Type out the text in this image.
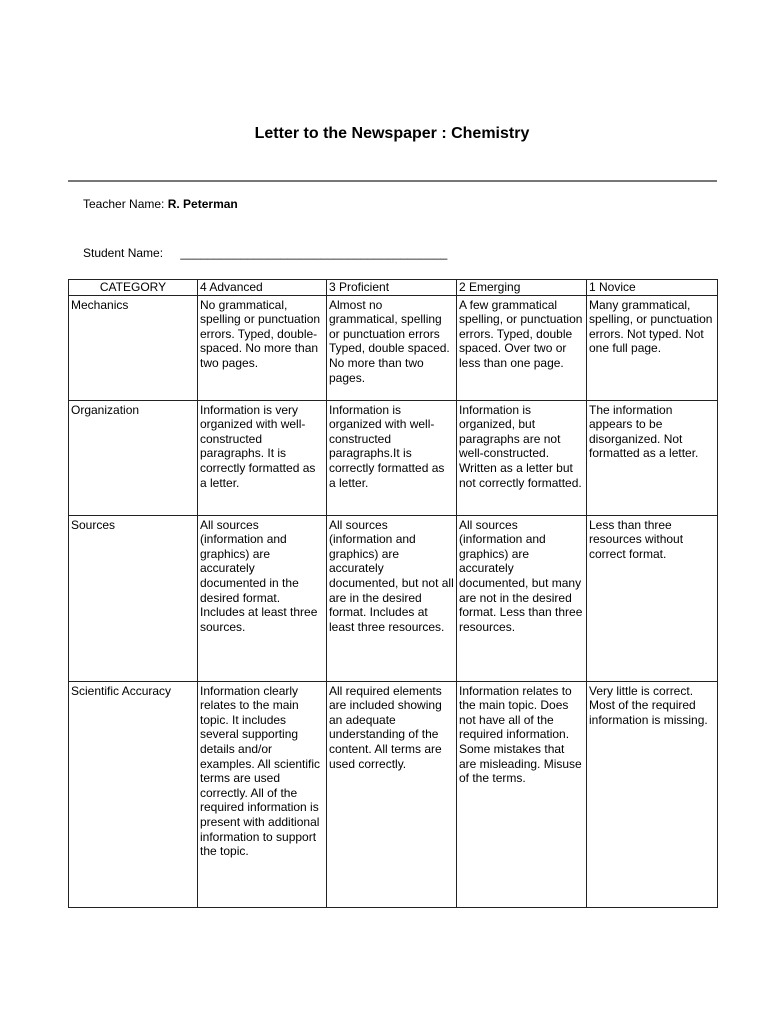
Letter to the Newspaper : Chemistry
Teacher Name: R. Peterman
Student Name: ________________________________________
CATEGORY	4 Advanced	3 Proficient	2 Emerging	1 Novice
Mechanics	No grammatical, spelling or punctuation errors. Typed, double-spaced. No more than two pages.	Almost no grammatical, spelling or punctuation errors Typed, double spaced. No more than two pages.	A few grammatical spelling, or punctuation errors. Typed, double spaced. Over two or less than one page.	Many grammatical, spelling, or punctuation errors. Not typed. Not one full page.
Organization	Information is very organized with well-constructed paragraphs. It is correctly formatted as a letter.	Information is organized with well-constructed paragraphs.It is correctly formatted as a letter.	Information is organized, but paragraphs are not well-constructed. Written as a letter but not correctly formatted.	The information appears to be disorganized. Not formatted as a letter.
Sources	All sources (information and graphics) are accurately documented in the desired format. Includes at least three sources.	All sources (information and graphics) are accurately documented, but not all are in the desired format. Includes at least three resources.	All sources (information and graphics) are accurately documented, but many are not in the desired format. Less than three resources.	Less than three resources without correct format.
Scientific Accuracy	Information clearly relates to the main topic. It includes several supporting details and/or examples. All scientific terms are used correctly. All of the required information is present with additional information to support the topic.	All required elements are included showing an adequate understanding of the content. All terms are used correctly.	Information relates to the main topic. Does not have all of the required information. Some mistakes that are misleading. Misuse of the terms.	Very little is correct. Most of the required information is missing.
